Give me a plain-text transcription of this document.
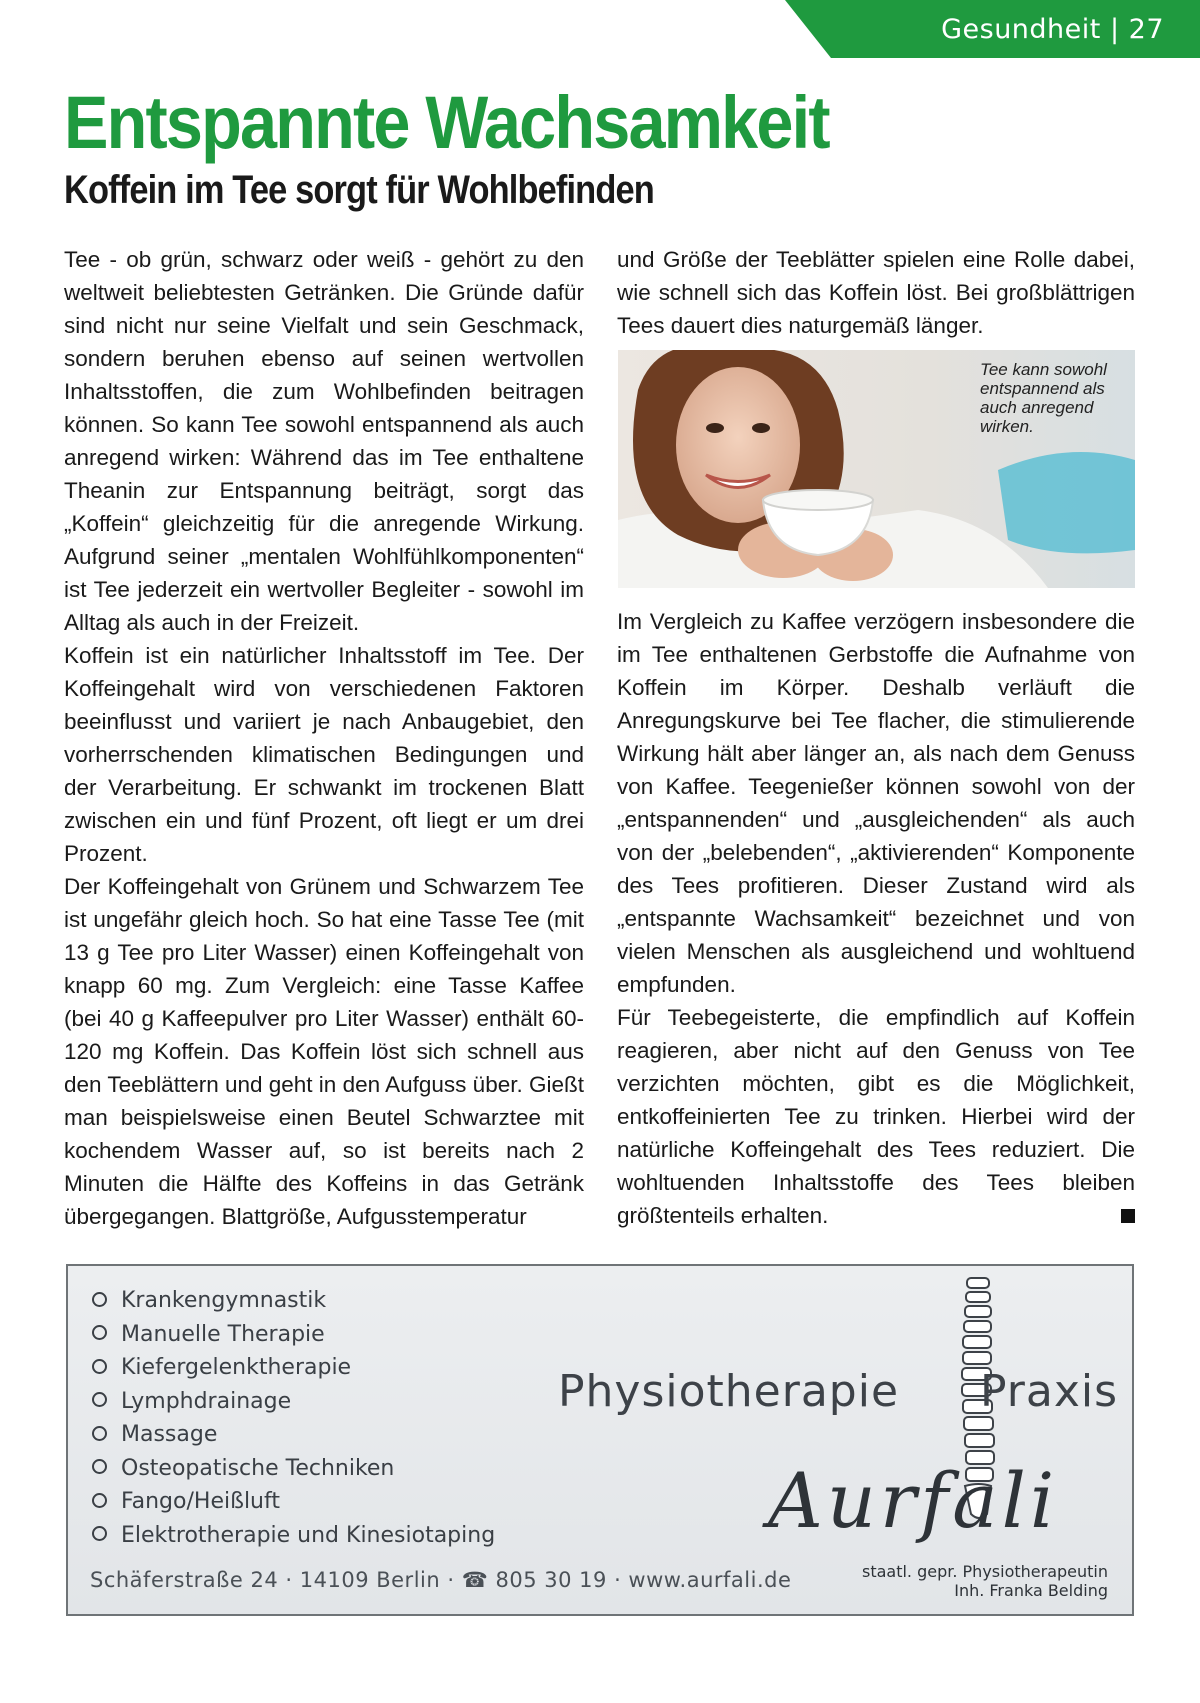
Gesundheit | 27
Entspannte Wachsamkeit
Koffein im Tee sorgt für Wohlbefinden

Tee - ob grün, schwarz oder weiß - gehört zu den weltweit beliebtesten Getränken. Die Gründe dafür sind nicht nur seine Vielfalt und sein Geschmack, sondern beruhen ebenso auf seinen wertvollen Inhaltsstoffen, die zum Wohlbefinden beitragen können. So kann Tee sowohl entspannend als auch anregend wirken: Während das im Tee enthaltene Theanin zur Entspannung beiträgt, sorgt das „Koffein“ gleichzeitig für die anregende Wirkung. Aufgrund seiner „mentalen Wohlfühlkomponenten“ ist Tee jederzeit ein wertvoller Begleiter - sowohl im Alltag als auch in der Freizeit.

Koffein ist ein natürlicher Inhaltsstoff im Tee. Der Koffeingehalt wird von verschiedenen Faktoren beeinflusst und variiert je nach Anbaugebiet, den vorherrschenden klimatischen Bedingungen und der Verarbeitung. Er schwankt im trockenen Blatt zwischen ein und fünf Prozent, oft liegt er um drei Prozent.

Der Koffeingehalt von Grünem und Schwarzem Tee ist ungefähr gleich hoch. So hat eine Tasse Tee (mit 13 g Tee pro Liter Wasser) einen Koffeingehalt von knapp 60 mg. Zum Vergleich: eine Tasse Kaffee (bei 40 g Kaffeepulver pro Liter Wasser) enthält 60-120 mg Koffein. Das Koffein löst sich schnell aus den Teeblättern und geht in den Aufguss über. Gießt man beispielsweise einen Beutel Schwarztee mit kochendem Wasser auf, so ist bereits nach 2 Minuten die Hälfte des Koffeins in das Getränk übergegangen. Blattgröße, Aufgusstemperatur

und Größe der Teeblätter spielen eine Rolle dabei, wie schnell sich das Koffein löst. Bei großblättrigen Tees dauert dies naturgemäß länger.

Tee kann sowohl entspannend als auch anregend wirken.

Im Vergleich zu Kaffee verzögern insbesondere die im Tee enthaltenen Gerbstoffe die Aufnahme von Koffein im Körper. Deshalb verläuft die Anregungskurve bei Tee flacher, die stimulierende Wirkung hält aber länger an, als nach dem Genuss von Kaffee. Teegenießer können sowohl von der „entspannenden“ und „ausgleichenden“ als auch von der „belebenden“, „aktivierenden“ Komponente des Tees profitieren. Dieser Zustand wird als „entspannte Wachsamkeit“ bezeichnet und von vielen Menschen als ausgleichend und wohltuend empfunden.

Für Teebegeisterte, die empfindlich auf Koffein reagieren, aber nicht auf den Genuss von Tee verzichten möchten, gibt es die Möglichkeit, entkoffeinierten Tee zu trinken. Hierbei wird der natürliche Koffeingehalt des Tees reduziert. Die wohltuenden Inhaltsstoffe des Tees bleiben größtenteils erhalten.

Krankengymnastik
Manuelle Therapie
Kiefergelenktherapie
Lymphdrainage
Massage
Osteopatische Techniken
Fango/Heißluft
Elektrotherapie und Kinesiotaping
Physiotherapie Praxis
Aurfali
Schäferstraße 24 · 14109 Berlin · ☎ 805 30 19 · www.aurfali.de	staatl. gepr. Physiotherapeutin
Inh. Franka Belding
